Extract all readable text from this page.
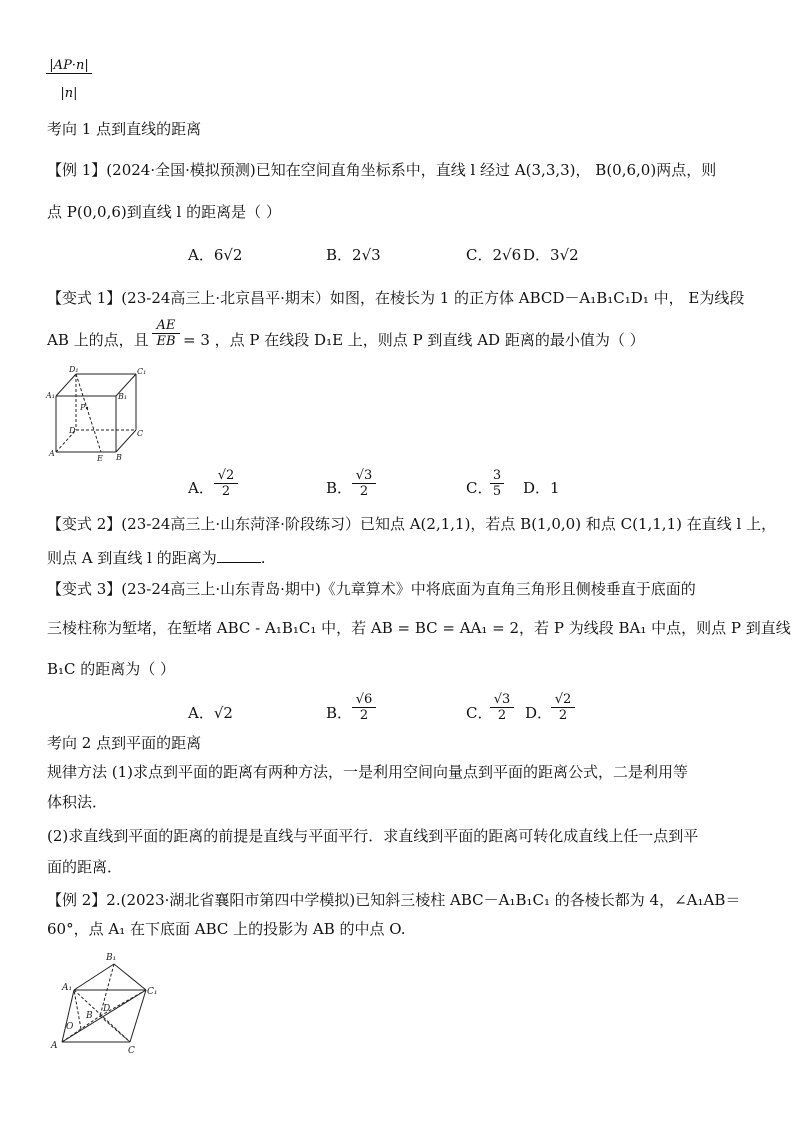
$\frac{|AP\cdot n|}{|n|}$
考向 1 点到直线的距离
【例 1】(2024·全国·模拟预测)已知在空间直角坐标系中，直线 l 经过 A(3,3,3)， B(0,6,0)两点，则
点 P(0,0,6)到直线 l 的距离是（ ）
A．6√2	B．2√3	C．2√6 D．3√2
【变式 1】(23-24高三上·北京昌平·期末）如图，在棱长为 1 的正方体 ABCD－A₁B₁C₁D₁ 中， E为线段
AB 上的点，且 $\frac{AE}{EB} = 3$ ，点 P 在线段 D₁E 上，则点 P 到直线 AD 距离的最小值为（ ）
D₁	C₁
A₁	B₁
P
D	C
A
E B
A． $\frac{√2}{2}$	B． $\frac{√3}{2}$	C．
$\frac{3}{5}$ D．1
【变式 2】(23-24高三上·山东菏泽·阶段练习）已知点 A(2,1,1)，若点 B(1,0,0) 和点 C(1,1,1) 在直线 l 上，
则点 A 到直线 l 的距离为	.
【变式 3】(23-24高三上·山东青岛·期中)《九章算术》中将底面为直角三角形且侧棱垂直于底面的
三棱柱称为堑堵，在堑堵 ABC - A₁B₁C₁ 中，若 AB = BC = AA₁ = 2，若 P 为线段 BA₁ 中点，则点 P 到直线
B₁C 的距离为（ ）
A．√2	B． $\frac{√6}{2}$	C．
$\frac{√3}{2}$ D．
$\frac{√2}{2}$
考向 2 点到平面的距离
规律方法 (1)求点到平面的距离有两种方法，一是利用空间向量点到平面的距离公式，二是利用等
体积法．
(2)求直线到平面的距离的前提是直线与平面平行．求直线到平面的距离可转化成直线上任一点到平
面的距离．
【例 2】2.(2023·湖北省襄阳市第四中学模拟)已知斜三棱柱 ABC－A₁B₁C₁ 的各棱长都为 4，∠A₁AB＝
60°，点 A₁ 在下底面 ABC 上的投影为 AB 的中点 O.
B₁
A₁	C₁
D
B
O
A	C
